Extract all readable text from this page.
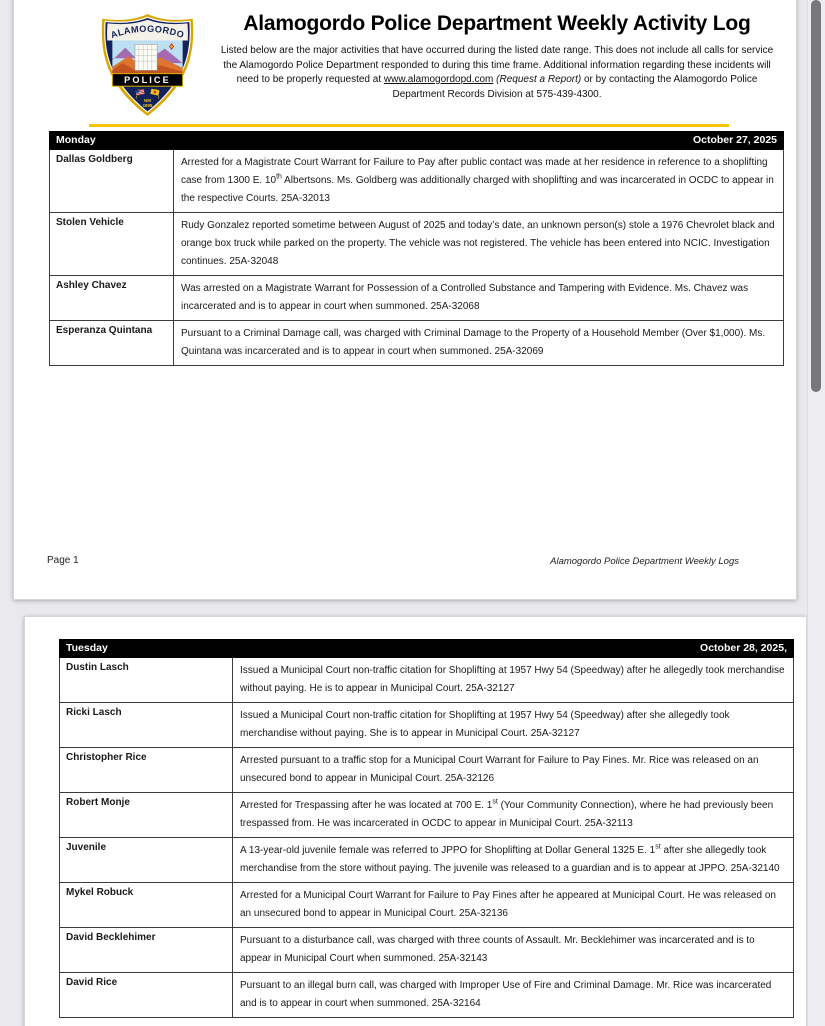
ALAMOGORDO
POLICE
NM
1898
Alamogordo Police Department Weekly Activity Log

Listed below are the major activities that have occurred during the listed date range. This does not include all calls for service the Alamogordo Police Department responded to during this time frame. Additional information regarding these incidents will need to be properly requested at www.alamogordopd.com (Request a Report) or by contacting the Alamogordo Police Department Records Division at 575-439-4300.

Monday	October 27, 2025
Dallas Goldberg	Arrested for a Magistrate Court Warrant for Failure to Pay after public contact was made at her residence in reference to a shoplifting case from 1300 E. 10th Albertsons. Ms. Goldberg was additionally charged with shoplifting and was incarcerated in OCDC to appear in the respective Courts. 25A-32013
Stolen Vehicle	Rudy Gonzalez reported sometime between August of 2025 and today’s date, an unknown person(s) stole a 1976 Chevrolet black and orange box truck while parked on the property. The vehicle was not registered. The vehicle has been entered into NCIC. Investigation continues. 25A-32048
Ashley Chavez	Was arrested on a Magistrate Warrant for Possession of a Controlled Substance and Tampering with Evidence. Ms. Chavez was incarcerated and is to appear in court when summoned. 25A-32068
Esperanza Quintana	Pursuant to a Criminal Damage call, was charged with Criminal Damage to the Property of a Household Member (Over $1,000). Ms. Quintana was incarcerated and is to appear in court when summoned. 25A-32069
Page 1	Alamogordo Police Department Weekly Logs
Tuesday	October 28, 2025,
Dustin Lasch	Issued a Municipal Court non-traffic citation for Shoplifting at 1957 Hwy 54 (Speedway) after he allegedly took merchandise without paying. He is to appear in Municipal Court. 25A-32127
Ricki Lasch	Issued a Municipal Court non-traffic citation for Shoplifting at 1957 Hwy 54 (Speedway) after she allegedly took merchandise without paying. She is to appear in Municipal Court. 25A-32127
Christopher Rice	Arrested pursuant to a traffic stop for a Municipal Court Warrant for Failure to Pay Fines. Mr. Rice was released on an unsecured bond to appear in Municipal Court. 25A-32126
Robert Monje	Arrested for Trespassing after he was located at 700 E. 1st (Your Community Connection), where he had previously been trespassed from. He was incarcerated in OCDC to appear in Municipal Court. 25A-32113
Juvenile	A 13-year-old juvenile female was referred to JPPO for Shoplifting at Dollar General 1325 E. 1st after she allegedly took merchandise from the store without paying. The juvenile was released to a guardian and is to appear at JPPO. 25A-32140
Mykel Robuck	Arrested for a Municipal Court Warrant for Failure to Pay Fines after he appeared at Municipal Court. He was released on an unsecured bond to appear in Municipal Court. 25A-32136
David Becklehimer	Pursuant to a disturbance call, was charged with three counts of Assault. Mr. Becklehimer was incarcerated and is to appear in Municipal Court when summoned. 25A-32143
David Rice	Pursuant to an illegal burn call, was charged with Improper Use of Fire and Criminal Damage. Mr. Rice was incarcerated and is to appear in court when summoned. 25A-32164
